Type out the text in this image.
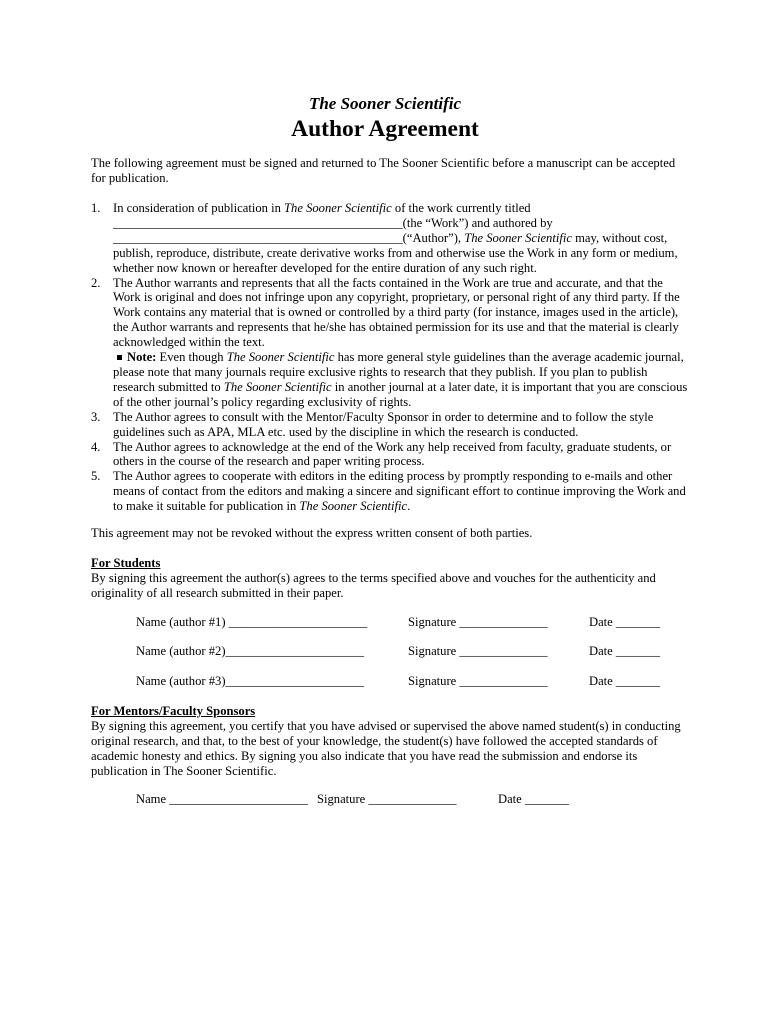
The Sooner Scientific
Author Agreement
The following agreement must be signed and returned to The Sooner Scientific before a manuscript can be accepted for publication.
1. In consideration of publication in The Sooner Scientific of the work currently titled
______________________________________________(the “Work”) and authored by
______________________________________________(“Author”), The Sooner Scientific may, without cost, publish, reproduce, distribute, create derivative works from and otherwise use the Work in any form or medium, whether now known or hereafter developed for the entire duration of any such right.
2. The Author warrants and represents that all the facts contained in the Work are true and accurate, and that the Work is original and does not infringe upon any copyright, proprietary, or personal right of any third party. If the Work contains any material that is owned or controlled by a third party (for instance, images used in the article), the Author warrants and represents that he/she has obtained permission for its use and that the material is clearly acknowledged within the text.
Note: Even though The Sooner Scientific has more general style guidelines than the average academic journal, please note that many journals require exclusive rights to research that they publish. If you plan to publish research submitted to The Sooner Scientific in another journal at a later date, it is important that you are conscious of the other journal’s policy regarding exclusivity of rights.
3. The Author agrees to consult with the Mentor/Faculty Sponsor in order to determine and to follow the style guidelines such as APA, MLA etc. used by the discipline in which the research is conducted.
4. The Author agrees to acknowledge at the end of the Work any help received from faculty, graduate students, or others in the course of the research and paper writing process.
5. The Author agrees to cooperate with editors in the editing process by promptly responding to e-mails and other means of contact from the editors and making a sincere and significant effort to continue improving the Work and to make it suitable for publication in The Sooner Scientific.
This agreement may not be revoked without the express written consent of both parties.
For Students
By signing this agreement the author(s) agrees to the terms specified above and vouches for the authenticity and originality of all research submitted in their paper.
Name (author #1) ______________________	Signature ______________	Date _______
Name (author #2)______________________	Signature ______________	Date _______
Name (author #3)______________________	Signature ______________	Date _______
For Mentors/Faculty Sponsors
By signing this agreement, you certify that you have advised or supervised the above named student(s) in conducting original research, and that, to the best of your knowledge, the student(s) have followed the accepted standards of academic honesty and ethics. By signing you also indicate that you have read the submission and endorse its publication in The Sooner Scientific.
Name ______________________ Signature ______________	Date _______
